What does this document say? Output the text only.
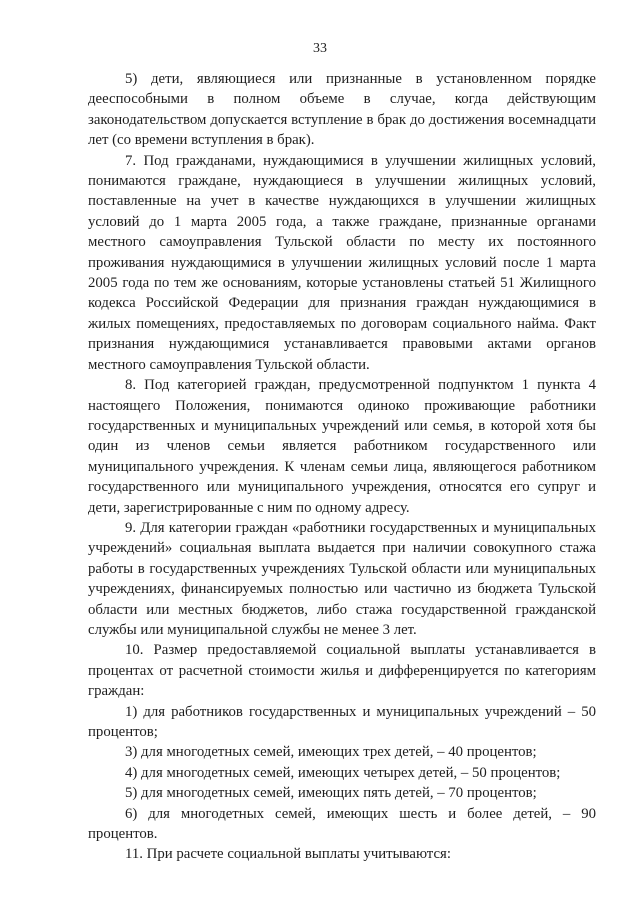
33

5) дети, являющиеся или признанные в установленном порядке дееспособными в полном объеме в случае, когда действующим законодательством допускается вступление в брак до достижения восемнадцати лет (со времени вступления в брак).

7. Под гражданами, нуждающимися в улучшении жилищных условий, понимаются граждане, нуждающиеся в улучшении жилищных условий, поставленные на учет в качестве нуждающихся в улучшении жилищных условий до 1 марта 2005 года, а также граждане, признанные органами местного самоуправления Тульской области по месту их постоянного проживания нуждающимися в улучшении жилищных условий после 1 марта 2005 года по тем же основаниям, которые установлены статьей 51 Жилищного кодекса Российской Федерации для признания граждан нуждающимися в жилых помещениях, предоставляемых по договорам социального найма. Факт признания нуждающимися устанавливается правовыми актами органов местного самоуправления Тульской области.

8. Под категорией граждан, предусмотренной подпунктом 1 пункта 4 настоящего Положения, понимаются одиноко проживающие работники государственных и муниципальных учреждений или семья, в которой хотя бы один из членов семьи является работником государственного или муниципального учреждения. К членам семьи лица, являющегося работником государственного или муниципального учреждения, относятся его супруг и дети, зарегистрированные с ним по одному адресу.

9. Для категории граждан «работники государственных и муниципальных учреждений» социальная выплата выдается при наличии совокупного стажа работы в государственных учреждениях Тульской области или муниципальных учреждениях, финансируемых полностью или частично из бюджета Тульской области или местных бюджетов, либо стажа государственной гражданской службы или муниципальной службы не менее 3 лет.

10. Размер предоставляемой социальной выплаты устанавливается в процентах от расчетной стоимости жилья и дифференцируется по категориям граждан:

1) для работников государственных и муниципальных учреждений – 50 процентов;

3) для многодетных семей, имеющих трех детей, – 40 процентов;

4) для многодетных семей, имеющих четырех детей, – 50 процентов;

5) для многодетных семей, имеющих пять детей, – 70 процентов;

6) для многодетных семей, имеющих шесть и более детей, – 90 процентов.

11. При расчете социальной выплаты учитываются:
